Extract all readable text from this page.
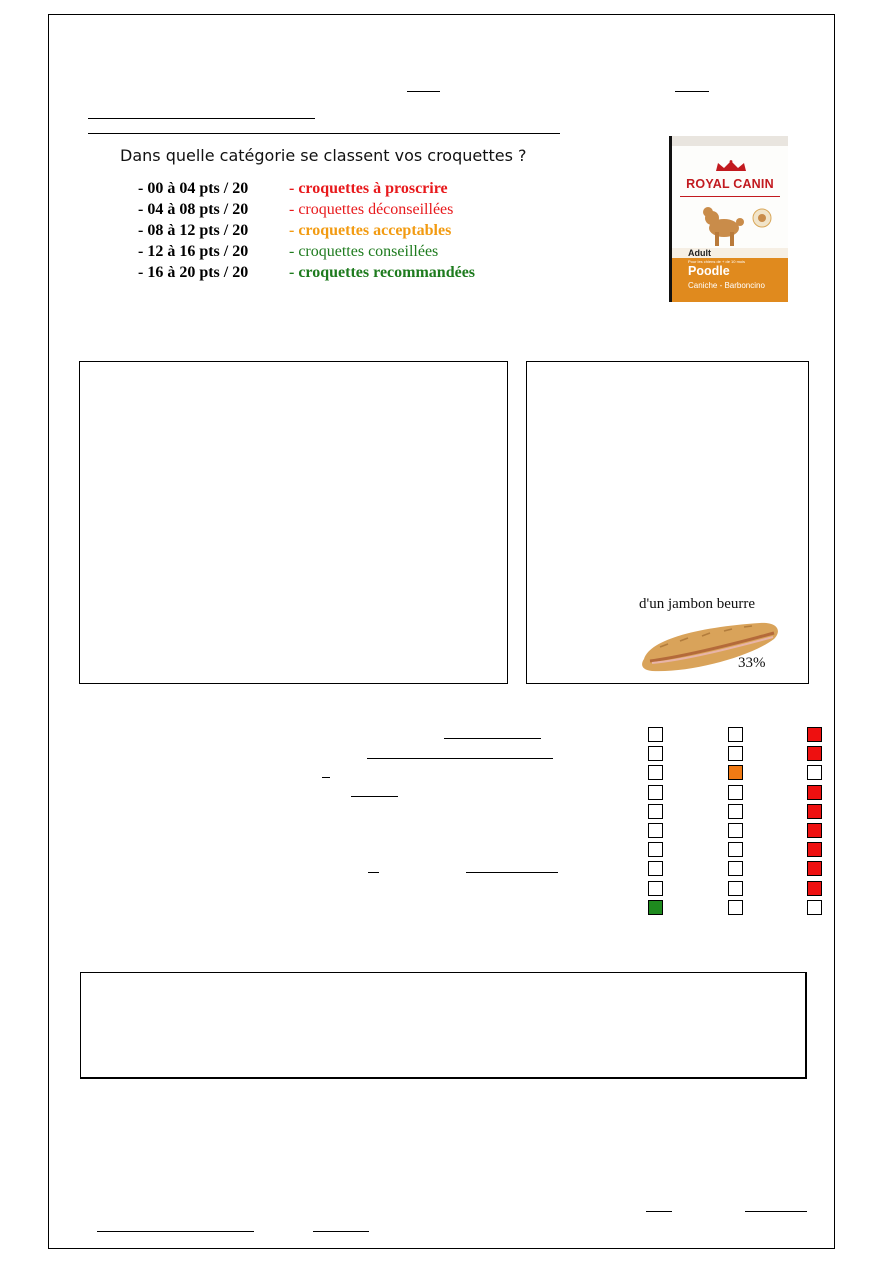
Dans quelle catégorie se classent vos croquettes ?
- 00 à 04 pts / 20	- croquettes à proscrire
- 04 à 08 pts / 20	- croquettes déconseillées
- 08 à 12 pts / 20	- croquettes acceptables
- 12 à 16 pts / 20	- croquettes conseillées
- 16 à 20 pts / 20	- croquettes recommandées
ROYAL CANIN
Adult
Pour les chiens de + de 10 mois
Poodle
Caniche - Barboncino
d'un jambon beurre
33%
